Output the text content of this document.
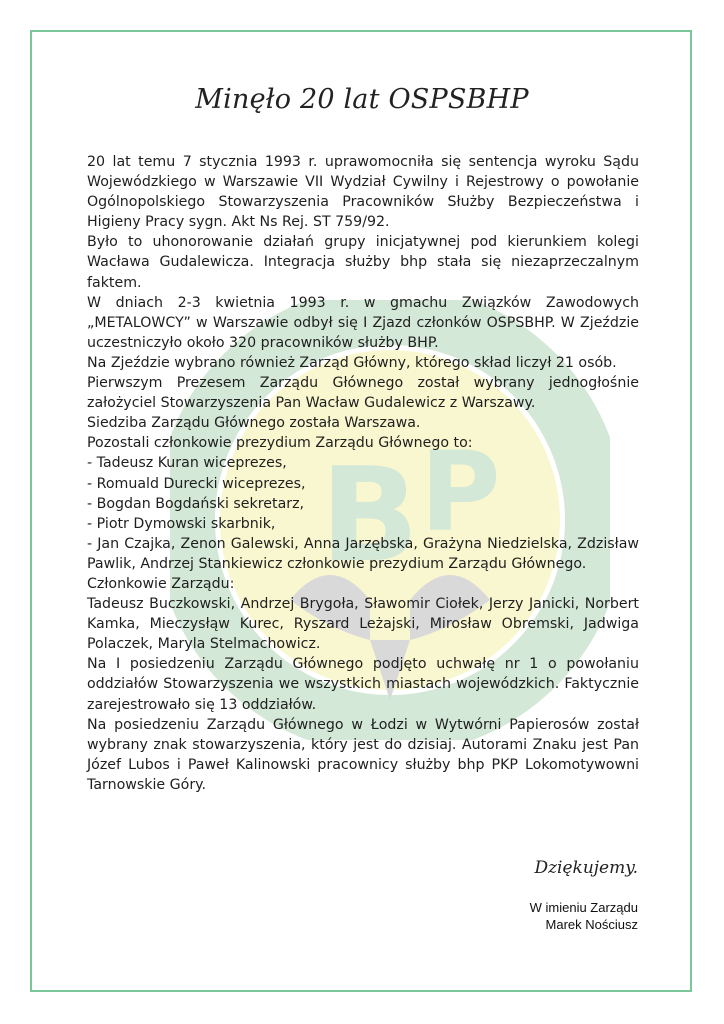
B P
Minęło 20 lat OSPSBHP

20 lat temu 7 stycznia 1993 r. uprawomocniła się sentencja wyroku Sądu Wojewódzkiego w Warszawie VII Wydział Cywilny i Rejestrowy o powołanie Ogólnopolskiego Stowarzyszenia Pracowników Służby Bezpieczeństwa i Higieny Pracy sygn. Akt Ns Rej. ST 759/92.

Było to uhonorowanie działań grupy inicjatywnej pod kierunkiem kolegi Wacława Gudalewicza. Integracja służby bhp stała się niezaprzeczalnym faktem.

W dniach 2-3 kwietnia 1993 r. w gmachu Związków Zawodowych „METALOWCY” w Warszawie odbył się I Zjazd członków OSPSBHP. W Zjeździe uczestniczyło około 320 pracowników służby BHP.

Na Zjeździe wybrano również Zarząd Główny, którego skład liczył 21 osób.

Pierwszym Prezesem Zarządu Głównego został wybrany jednogłośnie założyciel Stowarzyszenia Pan Wacław Gudalewicz z Warszawy.

Siedziba Zarządu Głównego została Warszawa.

Pozostali członkowie prezydium Zarządu Głównego to:

- Tadeusz Kuran wiceprezes,

- Romuald Durecki wiceprezes,

- Bogdan Bogdański sekretarz,

- Piotr Dymowski skarbnik,

- Jan Czajka, Zenon Galewski, Anna Jarzębska, Grażyna Niedzielska, Zdzisław Pawlik, Andrzej Stankiewicz członkowie prezydium Zarządu Głównego.

Członkowie Zarządu:

Tadeusz Buczkowski, Andrzej Brygoła, Sławomir Ciołek, Jerzy Janicki, Norbert Kamka, Mieczysłąw Kurec, Ryszard Leżajski, Mirosław Obremski, Jadwiga Polaczek, Maryla Stelmachowicz.

Na I posiedzeniu Zarządu Głównego podjęto uchwałę nr 1 o powołaniu oddziałów Stowarzyszenia we wszystkich miastach wojewódzkich. Faktycznie zarejestrowało się 13 oddziałów.

Na posiedzeniu Zarządu Głównego w Łodzi w Wytwórni Papierosów został wybrany znak stowarzyszenia, który jest do dzisiaj. Autorami Znaku jest Pan Józef Lubos i Paweł Kalinowski pracownicy służby bhp PKP Lokomotywowni Tarnowskie Góry.

Dziękujemy.
W imieniu Zarządu
Marek Nościusz
